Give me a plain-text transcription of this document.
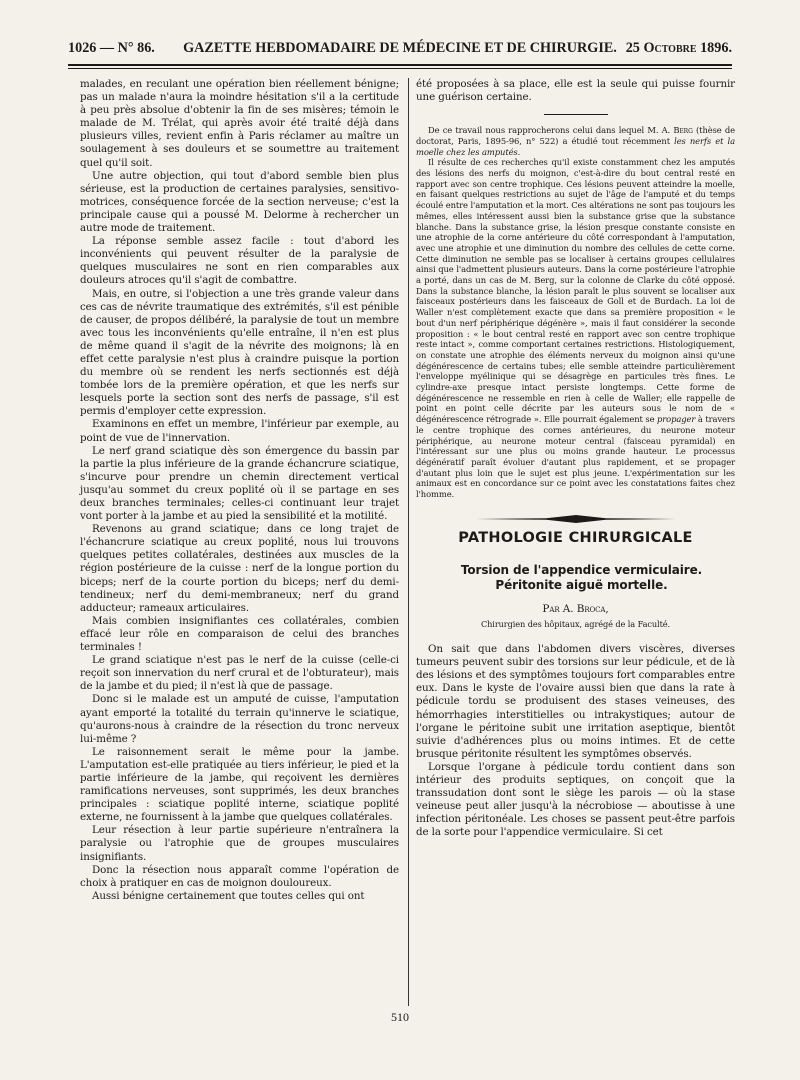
1026 — N° 86.	GAZETTE HEBDOMADAIRE DE MÉDECINE ET DE CHIRURGIE. 25 Octobre 1896.

malades, en reculant une opération bien réellement bénigne; pas un malade n'aura la moindre hésitation s'il a la certitude à peu près absolue d'obtenir la fin de ses misères; témoin le malade de M. Trélat, qui après avoir été traité déjà dans plusieurs villes, revient enfin à Paris réclamer au maître un soulagement à ses douleurs et se soumettre au traitement quel qu'il soit.

Une autre objection, qui tout d'abord semble bien plus sérieuse, est la production de certaines paralysies, sensitivo-motrices, conséquence forcée de la section nerveuse; c'est la principale cause qui a poussé M. Delorme à rechercher un autre mode de traitement.

La réponse semble assez facile : tout d'abord les inconvénients qui peuvent résulter de la paralysie de quelques musculaires ne sont en rien comparables aux douleurs atroces qu'il s'agit de combattre.

Mais, en outre, si l'objection a une très grande valeur dans ces cas de névrite traumatique des extrémités, s'il est pénible de causer, de propos délibéré, la paralysie de tout un membre avec tous les inconvénients qu'elle entraîne, il n'en est plus de même quand il s'agit de la névrite des moignons; là en effet cette paralysie n'est plus à craindre puisque la portion du membre où se rendent les nerfs sectionnés est déjà tombée lors de la première opération, et que les nerfs sur lesquels porte la section sont des nerfs de passage, s'il est permis d'employer cette expression.

Examinons en effet un membre, l'inférieur par exemple, au point de vue de l'innervation.

Le nerf grand sciatique dès son émergence du bassin par la partie la plus inférieure de la grande échancrure sciatique, s'incurve pour prendre un chemin directement vertical jusqu'au sommet du creux poplité où il se partage en ses deux branches terminales; celles-ci continuant leur trajet vont porter à la jambe et au pied la sensibilité et la motilité.

Revenons au grand sciatique; dans ce long trajet de l'échancrure sciatique au creux poplité, nous lui trouvons quelques petites collatérales, destinées aux muscles de la région postérieure de la cuisse : nerf de la longue portion du biceps; nerf de la courte portion du biceps; nerf du demi-tendineux; nerf du demi-membraneux; nerf du grand adducteur; rameaux articulaires.

Mais combien insignifiantes ces collatérales, combien effacé leur rôle en comparaison de celui des branches terminales !

Le grand sciatique n'est pas le nerf de la cuisse (celle-ci reçoit son innervation du nerf crural et de l'obturateur), mais de la jambe et du pied; il n'est là que de passage.

Donc si le malade est un amputé de cuisse, l'amputation ayant emporté la totalité du terrain qu'innerve le sciatique, qu'aurons-nous à craindre de la résection du tronc nerveux lui-même ?

Le raisonnement serait le même pour la jambe. L'amputation est-elle pratiquée au tiers inférieur, le pied et la partie inférieure de la jambe, qui reçoivent les dernières ramifications nerveuses, sont supprimés, les deux branches principales : sciatique poplité interne, sciatique poplité externe, ne fournissent à la jambe que quelques collatérales.

Leur résection à leur partie supérieure n'entraînera la paralysie ou l'atrophie que de groupes musculaires insignifiants.

Donc la résection nous apparaît comme l'opération de choix à pratiquer en cas de moignon douloureux.

Aussi bénigne certainement que toutes celles qui ont

été proposées à sa place, elle est la seule qui puisse fournir une guérison certaine.

De ce travail nous rapprocherons celui dans lequel M. A. Berg (thèse de doctorat, Paris, 1895-96, n° 522) a étudié tout récemment les nerfs et la moelle chez les amputés.

Il résulte de ces recherches qu'il existe constamment chez les amputés des lésions des nerfs du moignon, c'est-à-dire du bout central resté en rapport avec son centre trophique. Ces lésions peuvent atteindre la moelle, en faisant quelques restrictions au sujet de l'âge de l'amputé et du temps écoulé entre l'amputation et la mort. Ces altérations ne sont pas toujours les mêmes, elles intéressent aussi bien la substance grise que la substance blanche. Dans la substance grise, la lésion presque constante consiste en une atrophie de la corne antérieure du côté correspondant à l'amputation, avec une atrophie et une diminution du nombre des cellules de cette corne. Cette diminution ne semble pas se localiser à certains groupes cellulaires ainsi que l'admettent plusieurs auteurs. Dans la corne postérieure l'atrophie a porté, dans un cas de M. Berg, sur la colonne de Clarke du côté opposé. Dans la substance blanche, la lésion paraît le plus souvent se localiser aux faisceaux postérieurs dans les faisceaux de Goll et de Burdach. La loi de Waller n'est complètement exacte que dans sa première proposition « le bout d'un nerf périphérique dégénère », mais il faut considérer la seconde proposition : « le bout central resté en rapport avec son centre trophique reste intact », comme comportant certaines restrictions. Histologiquement, on constate une atrophie des éléments nerveux du moignon ainsi qu'une dégénérescence de certains tubes; elle semble atteindre particulièrement l'enveloppe myélinique qui se désagrège en particules très fines. Le cylindre-axe presque intact persiste longtemps. Cette forme de dégénérescence ne ressemble en rien à celle de Waller; elle rappelle de point en point celle décrite par les auteurs sous le nom de « dégénérescence rétrograde ». Elle pourrait également se propager à travers le centre trophique des cornes antérieures, du neurone moteur périphérique, au neurone moteur central (faisceau pyramidal) en l'intéressant sur une plus ou moins grande hauteur. Le processus dégénératif paraît évoluer d'autant plus rapidement, et se propager d'autant plus loin que le sujet est plus jeune. L'expérimentation sur les animaux est en concordance sur ce point avec les constatations faites chez l'homme.

PATHOLOGIE CHIRURGICALE

Torsion de l'appendice vermiculaire.

Péritonite aiguë mortelle.

Par A. Broca,
Chirurgien des hôpitaux, agrégé de la Faculté.

On sait que dans l'abdomen divers viscères, diverses tumeurs peuvent subir des torsions sur leur pédicule, et de là des lésions et des symptômes toujours fort comparables entre eux. Dans le kyste de l'ovaire aussi bien que dans la rate à pédicule tordu se produisent des stases veineuses, des hémorrhagies interstitielles ou intrakystiques; autour de l'organe le péritoine subit une irritation aseptique, bientôt suivie d'adhérences plus ou moins intimes. Et de cette brusque péritonite résultent les symptômes observés.

Lorsque l'organe à pédicule tordu contient dans son intérieur des produits septiques, on conçoit que la transsudation dont sont le siège les parois — où la stase veineuse peut aller jusqu'à la nécrobiose — aboutisse à une infection péritonéale. Les choses se passent peut-être parfois de la sorte pour l'appendice vermiculaire. Si cet

510
